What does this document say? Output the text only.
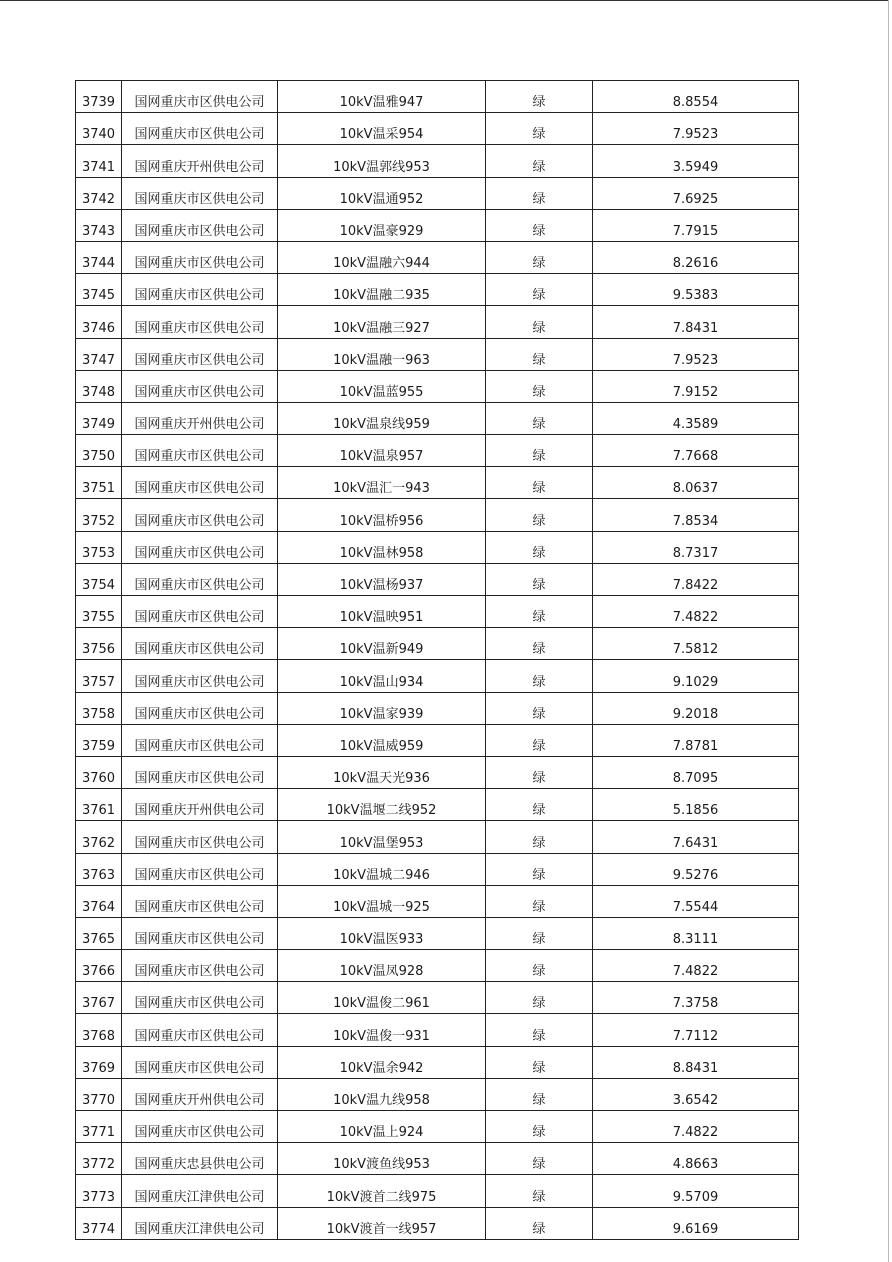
3739	国网重庆市区供电公司	10kV温雅947	绿	8.8554
3740	国网重庆市区供电公司	10kV温采954	绿	7.9523
3741	国网重庆开州供电公司	10kV温郭线953	绿	3.5949
3742	国网重庆市区供电公司	10kV温通952	绿	7.6925
3743	国网重庆市区供电公司	10kV温豪929	绿	7.7915
3744	国网重庆市区供电公司	10kV温融六944	绿	8.2616
3745	国网重庆市区供电公司	10kV温融二935	绿	9.5383
3746	国网重庆市区供电公司	10kV温融三927	绿	7.8431
3747	国网重庆市区供电公司	10kV温融一963	绿	7.9523
3748	国网重庆市区供电公司	10kV温蓝955	绿	7.9152
3749	国网重庆开州供电公司	10kV温泉线959	绿	4.3589
3750	国网重庆市区供电公司	10kV温泉957	绿	7.7668
3751	国网重庆市区供电公司	10kV温汇一943	绿	8.0637
3752	国网重庆市区供电公司	10kV温桥956	绿	7.8534
3753	国网重庆市区供电公司	10kV温林958	绿	8.7317
3754	国网重庆市区供电公司	10kV温杨937	绿	7.8422
3755	国网重庆市区供电公司	10kV温映951	绿	7.4822
3756	国网重庆市区供电公司	10kV温新949	绿	7.5812
3757	国网重庆市区供电公司	10kV温山934	绿	9.1029
3758	国网重庆市区供电公司	10kV温家939	绿	9.2018
3759	国网重庆市区供电公司	10kV温威959	绿	7.8781
3760	国网重庆市区供电公司	10kV温天光936	绿	8.7095
3761	国网重庆开州供电公司	10kV温堰二线952	绿	5.1856
3762	国网重庆市区供电公司	10kV温堡953	绿	7.6431
3763	国网重庆市区供电公司	10kV温城二946	绿	9.5276
3764	国网重庆市区供电公司	10kV温城一925	绿	7.5544
3765	国网重庆市区供电公司	10kV温医933	绿	8.3111
3766	国网重庆市区供电公司	10kV温凤928	绿	7.4822
3767	国网重庆市区供电公司	10kV温俊二961	绿	7.3758
3768	国网重庆市区供电公司	10kV温俊一931	绿	7.7112
3769	国网重庆市区供电公司	10kV温余942	绿	8.8431
3770	国网重庆开州供电公司	10kV温九线958	绿	3.6542
3771	国网重庆市区供电公司	10kV温上924	绿	7.4822
3772	国网重庆忠县供电公司	10kV渡鱼线953	绿	4.8663
3773	国网重庆江津供电公司	10kV渡首二线975	绿	9.5709
3774	国网重庆江津供电公司	10kV渡首一线957	绿	9.6169
